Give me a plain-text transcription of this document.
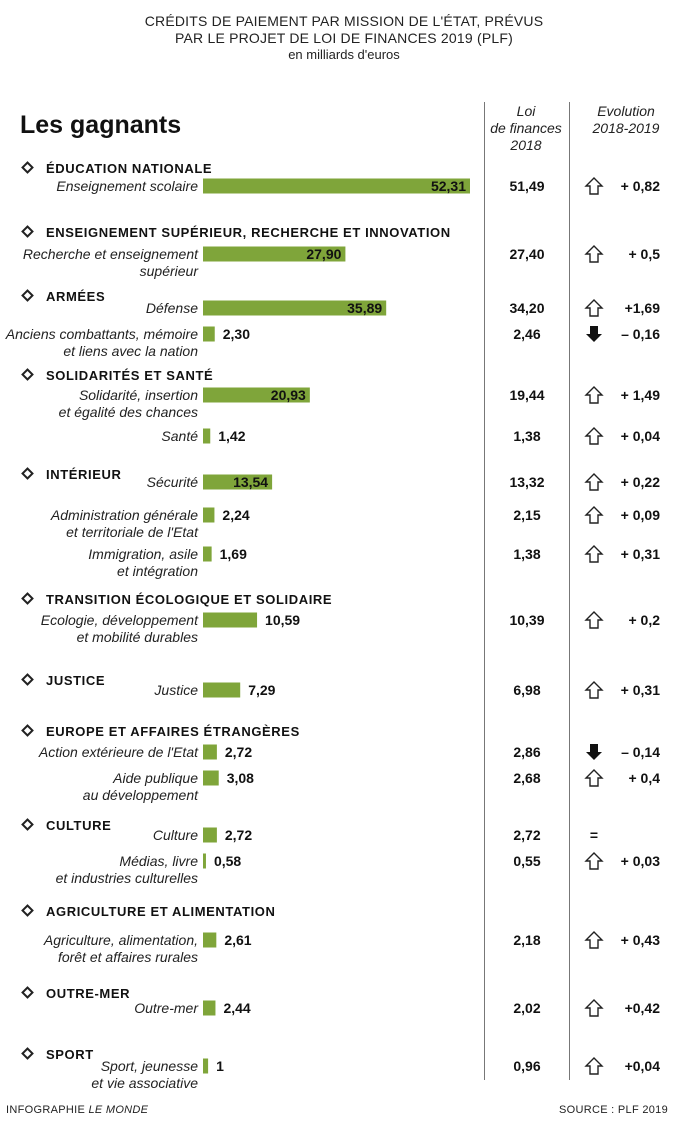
CRÉDITS DE PAIEMENT PAR MISSION DE L'ÉTAT, PRÉVUS
PAR LE PROJET DE LOI DE FINANCES 2019 (PLF)
en milliards d'euros
Les gagnants	Loi
de finances
2018
Evolution
2018-2019
ÉDUCATION NATIONALE
Enseignement scolaire	52,31	51,49	+ 0,82
ENSEIGNEMENT SUPÉRIEUR, RECHERCHE ET INNOVATION
Recherche et enseignement
supérieur
27,90	27,40	+ 0,5
ARMÉES
Défense	35,89	34,20	+1,69
Anciens combattants, mémoire
et liens avec la nation
2,30	2,46	– 0,16
SOLIDARITÉS ET SANTÉ
Solidarité, insertion
et égalité des chances
20,93	19,44	+ 1,49
Santé 1,42	1,38	+ 0,04
INTÉRIEUR Sécurité	13,54	13,32	+ 0,22
Administration générale
et territoriale de l'Etat
2,24	2,15	+ 0,09
Immigration, asile
et intégration
1,69	1,38	+ 0,31
TRANSITION ÉCOLOGIQUE ET SOLIDAIRE
Ecologie, développement
et mobilité durables
10,59	10,39	+ 0,2
JUSTICE
Justice	7,29	6,98	+ 0,31
EUROPE ET AFFAIRES ÉTRANGÈRES
Action extérieure de l'Etat 2,72	2,86	– 0,14
Aide publique
au développement
3,08	2,68	+ 0,4
CULTURE
Culture 2,72	2,72	=
Médias, livre
et industries culturelles
0,58	0,55	+ 0,03
AGRICULTURE ET ALIMENTATION
Agriculture, alimentation,
forêt et affaires rurales
2,61	2,18	+ 0,43
OUTRE-MER
Outre-mer 2,44	2,02	+0,42
SPORT
Sport, jeunesse
et vie associative
1	0,96	+0,04
INFOGRAPHIE LE MONDE	SOURCE : PLF 2019
